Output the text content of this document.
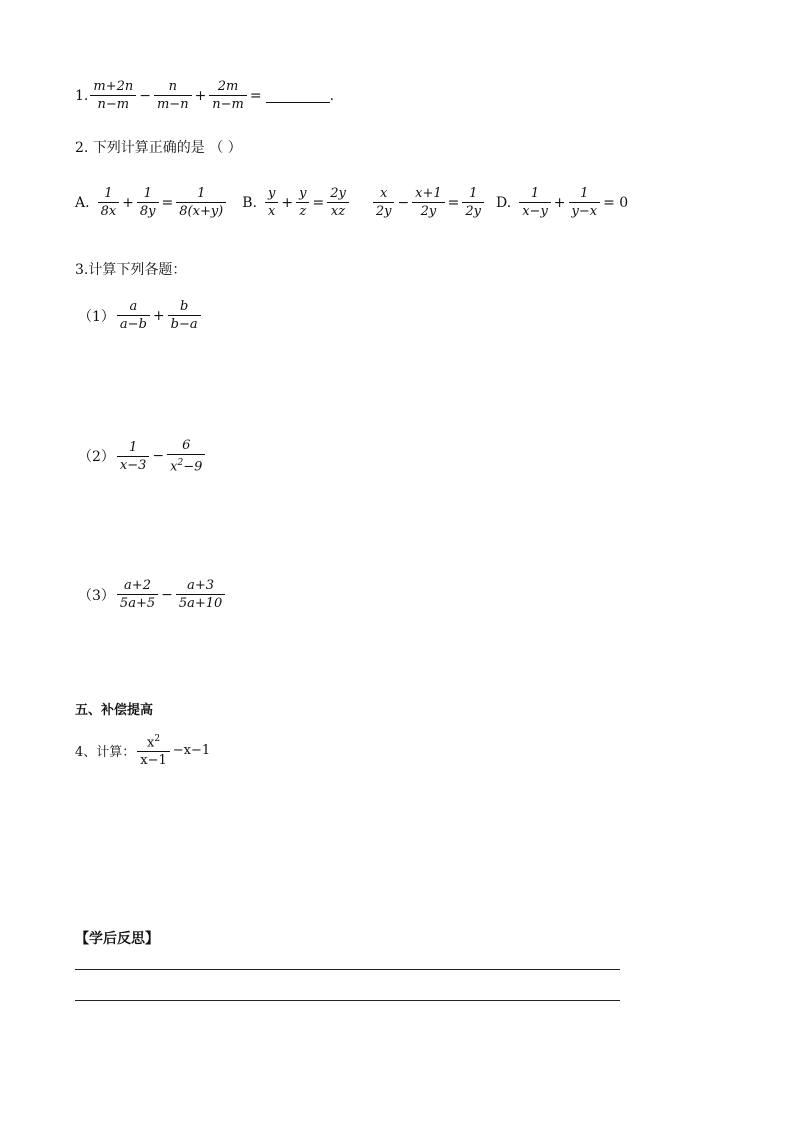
1. $\frac{m+2n}{n-m} - \frac{n}{m-n} + \frac{2m}{n-m}$ =	.
2. 下列计算正确的是 （ ）
A. $\frac{1}{8x} + \frac{1}{8y} = \frac{1}{8(x+y)} B$. $\frac{y}{x} + \frac{y}{z} = \frac{2y}{xz} \frac{x}{2y} - \frac{x+1}{2y} = \frac{1}{2y} D$. $\frac{1}{x-y} + \frac{1}{y-x} = 0$
3.计算下列各题：
$(1) \frac{a}{a-b} + \frac{b}{b-a}$
$(2) \frac{1}{x-3} - \frac{6}{x^2-9}$
$(3) \frac{a+2}{5a+5} - \frac{a+3}{5a+10}$
五、补偿提高
4、计算： $\frac{x^2}{x-1} -x-1$
【学后反思】
